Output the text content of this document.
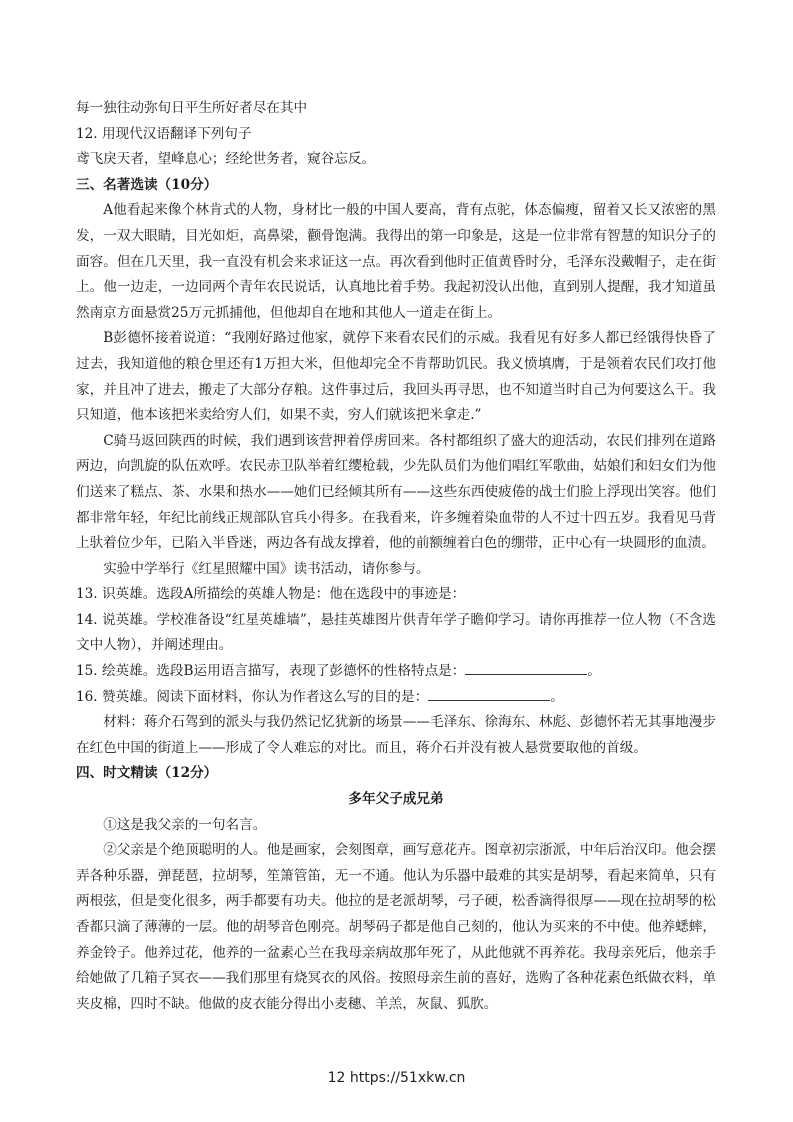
每一独往动弥旬日平生所好者尽在其中
12. 用现代汉语翻译下列句子
鸢飞戾天者，望峰息心；经纶世务者，窥谷忘反。
三、名著选读（10分）
A他看起来像个林肯式的人物，身材比一般的中国人要高，背有点驼，体态偏瘦，留着又长又浓密的黑发，一双大眼睛，目光如炬，高鼻梁，颧骨饱满。我得出的第一印象是，这是一位非常有智慧的知识分子的面容。但在几天里，我一直没有机会来求证这一点。再次看到他时正值黄昏时分，毛泽东没戴帽子，走在街上。他一边走，一边同两个青年农民说话，认真地比着手势。我起初没认出他，直到别人提醒，我才知道虽然南京方面悬赏25万元抓捕他，但他却自在地和其他人一道走在街上。
B彭德怀接着说道：“我刚好路过他家，就停下来看农民们的示威。我看见有好多人都已经饿得快昏了过去，我知道他的粮仓里还有1万担大米，但他却完全不肯帮助饥民。我义愤填膺，于是领着农民们攻打他家，并且冲了进去，搬走了大部分存粮。这件事过后，我回头再寻思，也不知道当时自己为何要这么干。我只知道，他本该把米卖给穷人们，如果不卖，穷人们就该把米拿走.”
C骑马返回陕西的时候，我们遇到该营押着俘虏回来。各村都组织了盛大的迎活动，农民们排列在道路两边，向凯旋的队伍欢呼。农民赤卫队举着红缨枪载，少先队员们为他们唱红军歌曲，姑娘们和妇女们为他们送来了糕点、茶、水果和热水——她们已经倾其所有——这些东西使疲倦的战士们脸上浮现出笑容。他们都非常年轻，年纪比前线正规部队官兵小得多。在我看来，许多缠着染血带的人不过十四五岁。我看见马背上驮着位少年，已陷入半昏迷，两边各有战友撑着，他的前额缠着白色的绷带，正中心有一块圆形的血渍。
实验中学举行《红星照耀中国》读书活动，请你参与。
13. 识英雄。选段A所描绘的英雄人物是：他在选段中的事迹是：
14. 说英雄。学校准备设“红星英雄墙”，悬挂英雄图片供青年学子瞻仰学习。请你再推荐一位人物（不含选文中人物），并阐述理由。
15. 绘英雄。选段B运用语言描写，表现了彭德怀的性格特点是：	。
16. 赞英雄。阅读下面材料，你认为作者这么写的目的是：	。
材料：蒋介石驾到的派头与我仍然记忆犹新的场景——毛泽东、徐海东、林彪、彭德怀若无其事地漫步在红色中国的街道上——形成了令人难忘的对比。而且，蒋介石并没有被人悬赏要取他的首级。
四、时文精读（12分）
多年父子成兄弟
①这是我父亲的一句名言。
②父亲是个绝顶聪明的人。他是画家，会刻图章，画写意花卉。图章初宗浙派，中年后治汉印。他会摆弄各种乐器，弹琵琶，拉胡琴，笙箫管笛，无一不通。他认为乐器中最难的其实是胡琴，看起来简单，只有两根弦，但是变化很多，两手都要有功夫。他拉的是老派胡琴，弓子硬，松香滴得很厚——现在拉胡琴的松香都只滴了薄薄的一层。他的胡琴音色刚亮。胡琴码子都是他自己刻的，他认为买来的不中使。他养蟋蟀，养金铃子。他养过花，他养的一盆素心兰在我母亲病故那年死了，从此他就不再养花。我母亲死后，他亲手给她做了几箱子冥衣——我们那里有烧冥衣的风俗。按照母亲生前的喜好，选购了各种花素色纸做衣料，单夹皮棉，四时不缺。他做的皮衣能分得出小麦穗、羊羔，灰鼠、狐肷。
12 https://51xkw.cn
